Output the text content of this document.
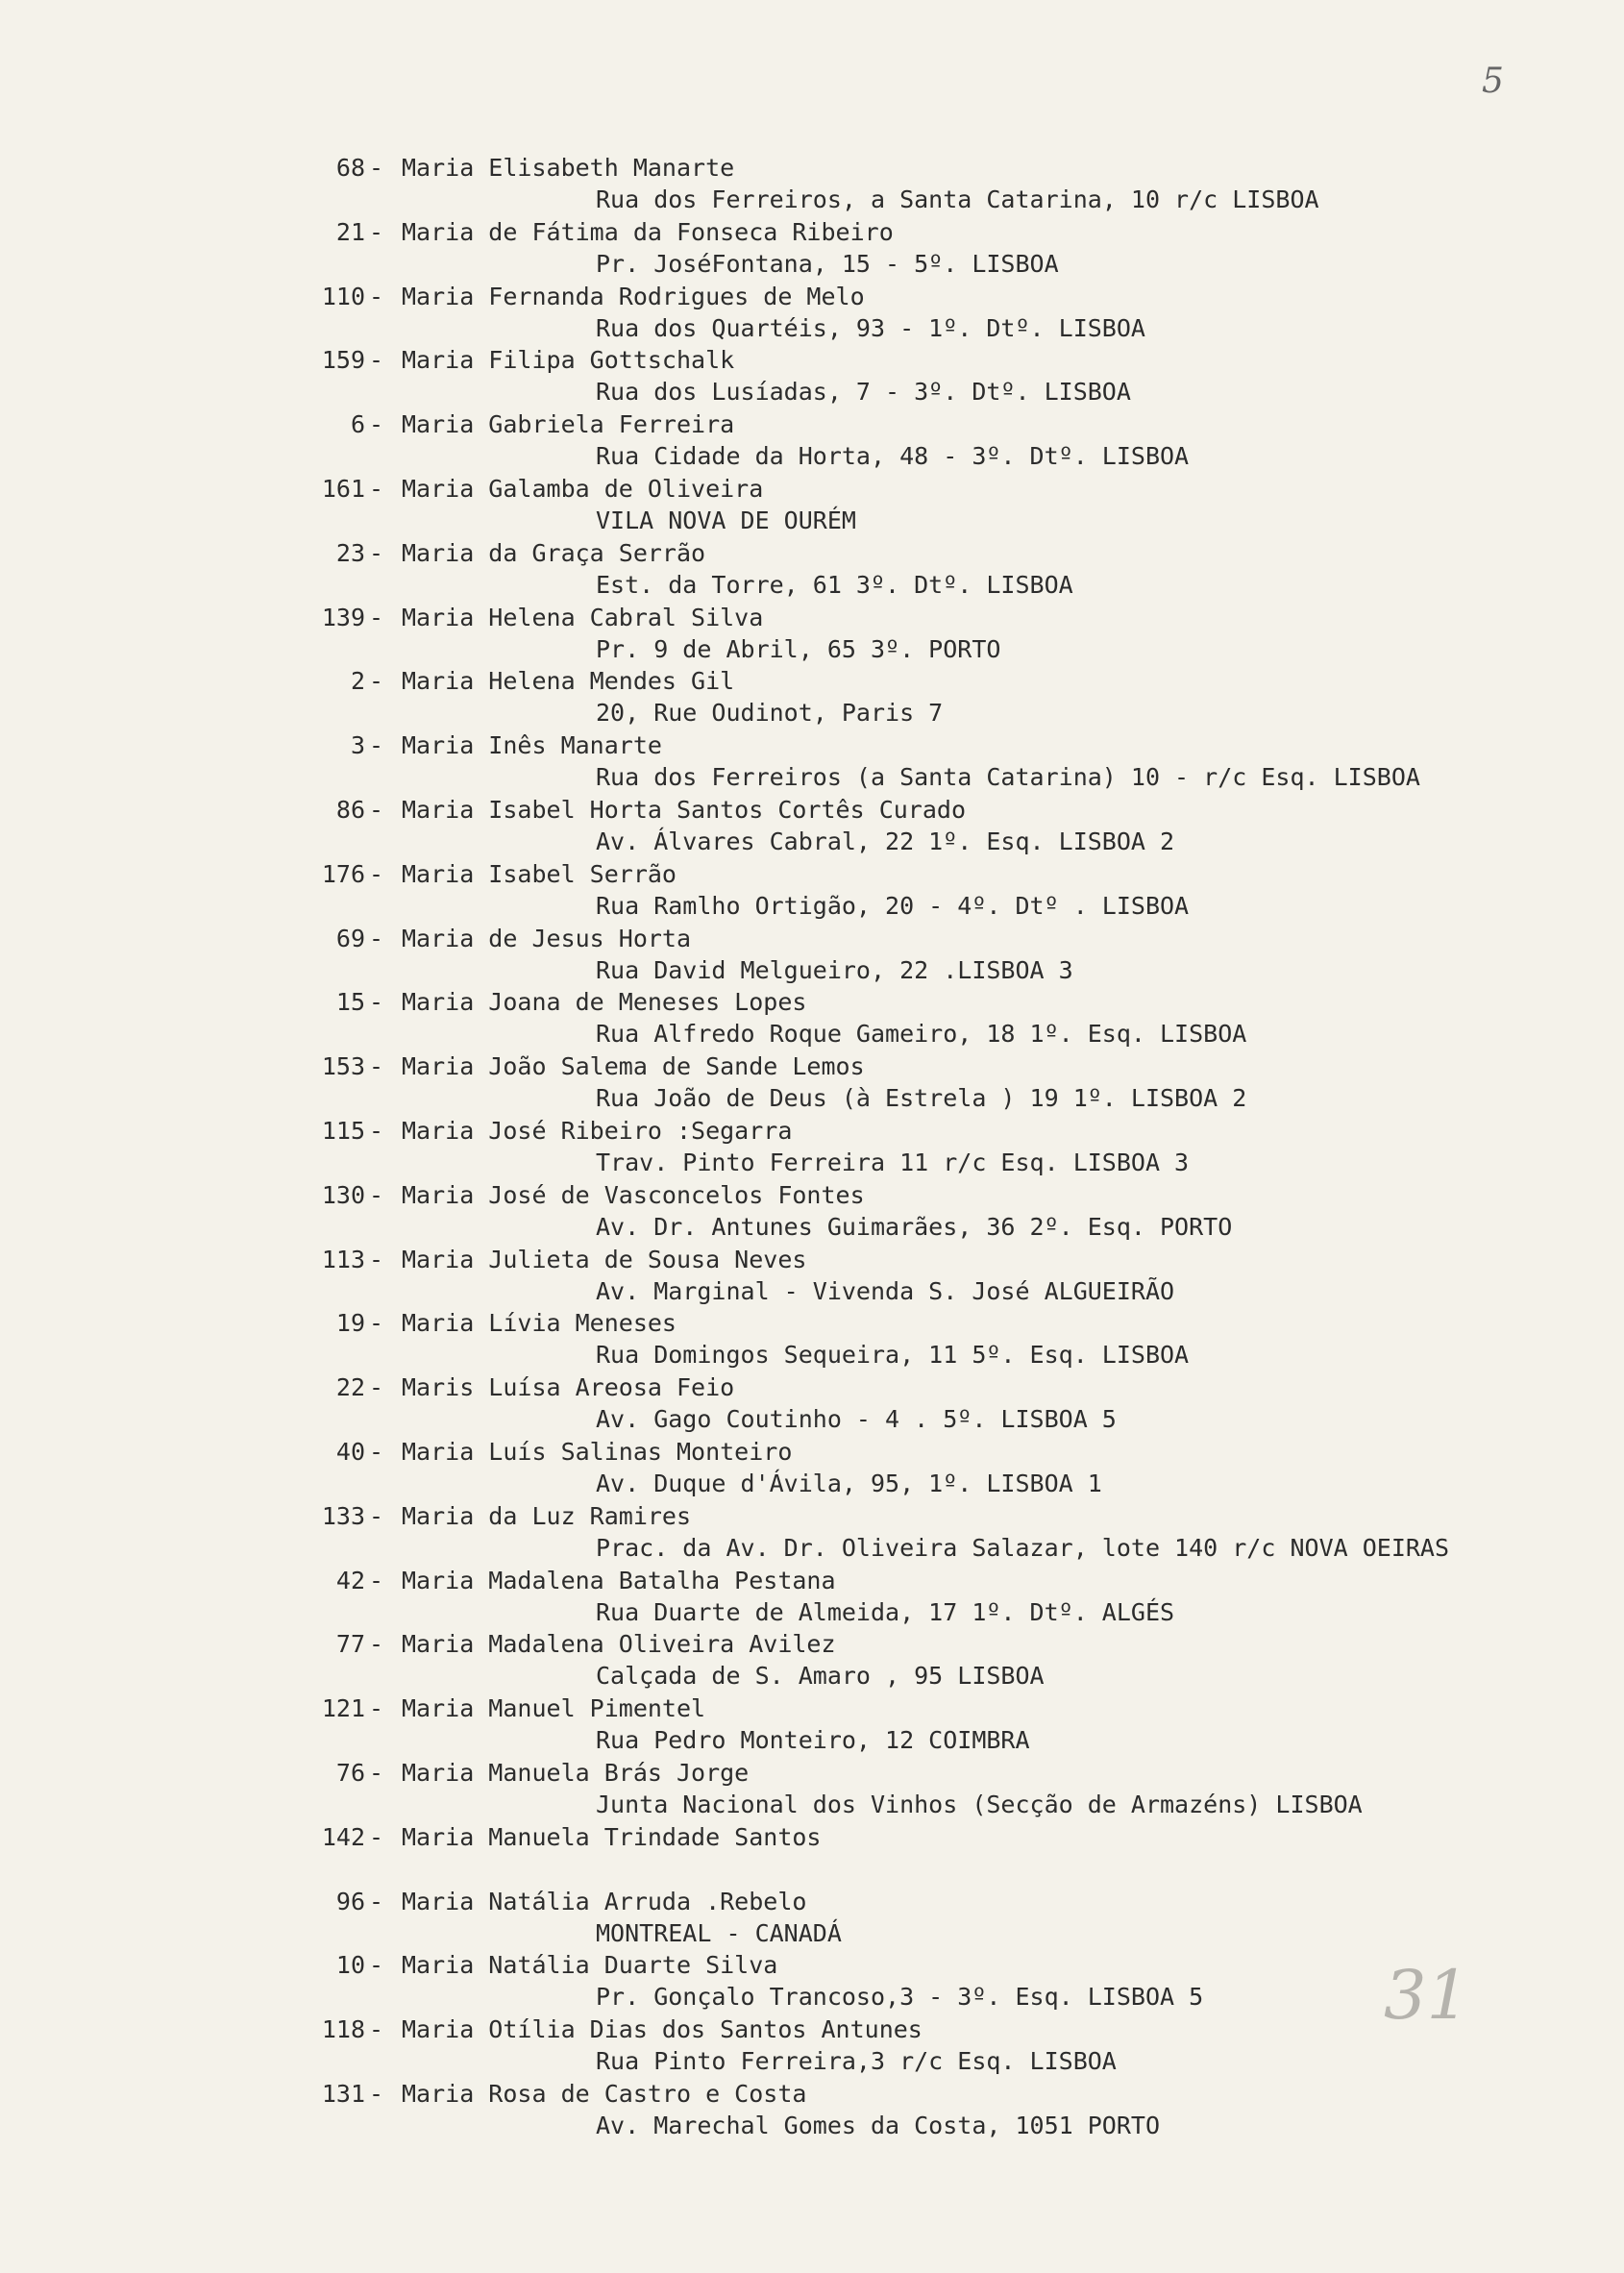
5
31
68 - Maria Elisabeth Manarte
Rua dos Ferreiros, a Santa Catarina, 10 r/c LISBOA
21 - Maria de Fátima da Fonseca Ribeiro
Pr. JoséFontana, 15 - 5º. LISBOA
110 - Maria Fernanda Rodrigues de Melo
Rua dos Quartéis, 93 - 1º. Dtº. LISBOA
159 - Maria Filipa Gottschalk
Rua dos Lusíadas, 7 - 3º. Dtº. LISBOA
6 - Maria Gabriela Ferreira
Rua Cidade da Horta, 48 - 3º. Dtº. LISBOA
161 - Maria Galamba de Oliveira
VILA NOVA DE OURÉM
23 - Maria da Graça Serrão
Est. da Torre, 61 3º. Dtº. LISBOA
139 - Maria Helena Cabral Silva
Pr. 9 de Abril, 65 3º. PORTO
2 - Maria Helena Mendes Gil
20, Rue Oudinot, Paris 7
3 - Maria Inês Manarte
Rua dos Ferreiros (a Santa Catarina) 10 - r/c Esq. LISBOA
86 - Maria Isabel Horta Santos Cortês Curado
Av. Álvares Cabral, 22 1º. Esq. LISBOA 2
176 - Maria Isabel Serrão
Rua Ramlho Ortigão, 20 - 4º. Dtº . LISBOA
69 - Maria de Jesus Horta
Rua David Melgueiro, 22 .LISBOA 3
15 - Maria Joana de Meneses Lopes
Rua Alfredo Roque Gameiro, 18 1º. Esq. LISBOA
153 - Maria João Salema de Sande Lemos
Rua João de Deus (à Estrela ) 19 1º. LISBOA 2
115 - Maria José Ribeiro :Segarra
Trav. Pinto Ferreira 11 r/c Esq. LISBOA 3
130 - Maria José de Vasconcelos Fontes
Av. Dr. Antunes Guimarães, 36 2º. Esq. PORTO
113 - Maria Julieta de Sousa Neves
Av. Marginal - Vivenda S. José ALGUEIRÃO
19 - Maria Lívia Meneses
Rua Domingos Sequeira, 11 5º. Esq. LISBOA
22 - Maris Luísa Areosa Feio
Av. Gago Coutinho - 4 . 5º. LISBOA 5
40 - Maria Luís Salinas Monteiro
Av. Duque d'Ávila, 95, 1º. LISBOA 1
133 - Maria da Luz Ramires
Prac. da Av. Dr. Oliveira Salazar, lote 140 r/c NOVA OEIRAS
42 - Maria Madalena Batalha Pestana
Rua Duarte de Almeida, 17 1º. Dtº. ALGÉS
77 - Maria Madalena Oliveira Avilez
Calçada de S. Amaro , 95 LISBOA
121 - Maria Manuel Pimentel
Rua Pedro Monteiro, 12 COIMBRA
76 - Maria Manuela Brás Jorge
Junta Nacional dos Vinhos (Secção de Armazéns) LISBOA
142 - Maria Manuela Trindade Santos
96 - Maria Natália Arruda .Rebelo
MONTREAL - CANADÁ
10 - Maria Natália Duarte Silva
Pr. Gonçalo Trancoso,3 - 3º. Esq. LISBOA 5
118 - Maria Otília Dias dos Santos Antunes
Rua Pinto Ferreira,3 r/c Esq. LISBOA
131 - Maria Rosa de Castro e Costa
Av. Marechal Gomes da Costa, 1051 PORTO
